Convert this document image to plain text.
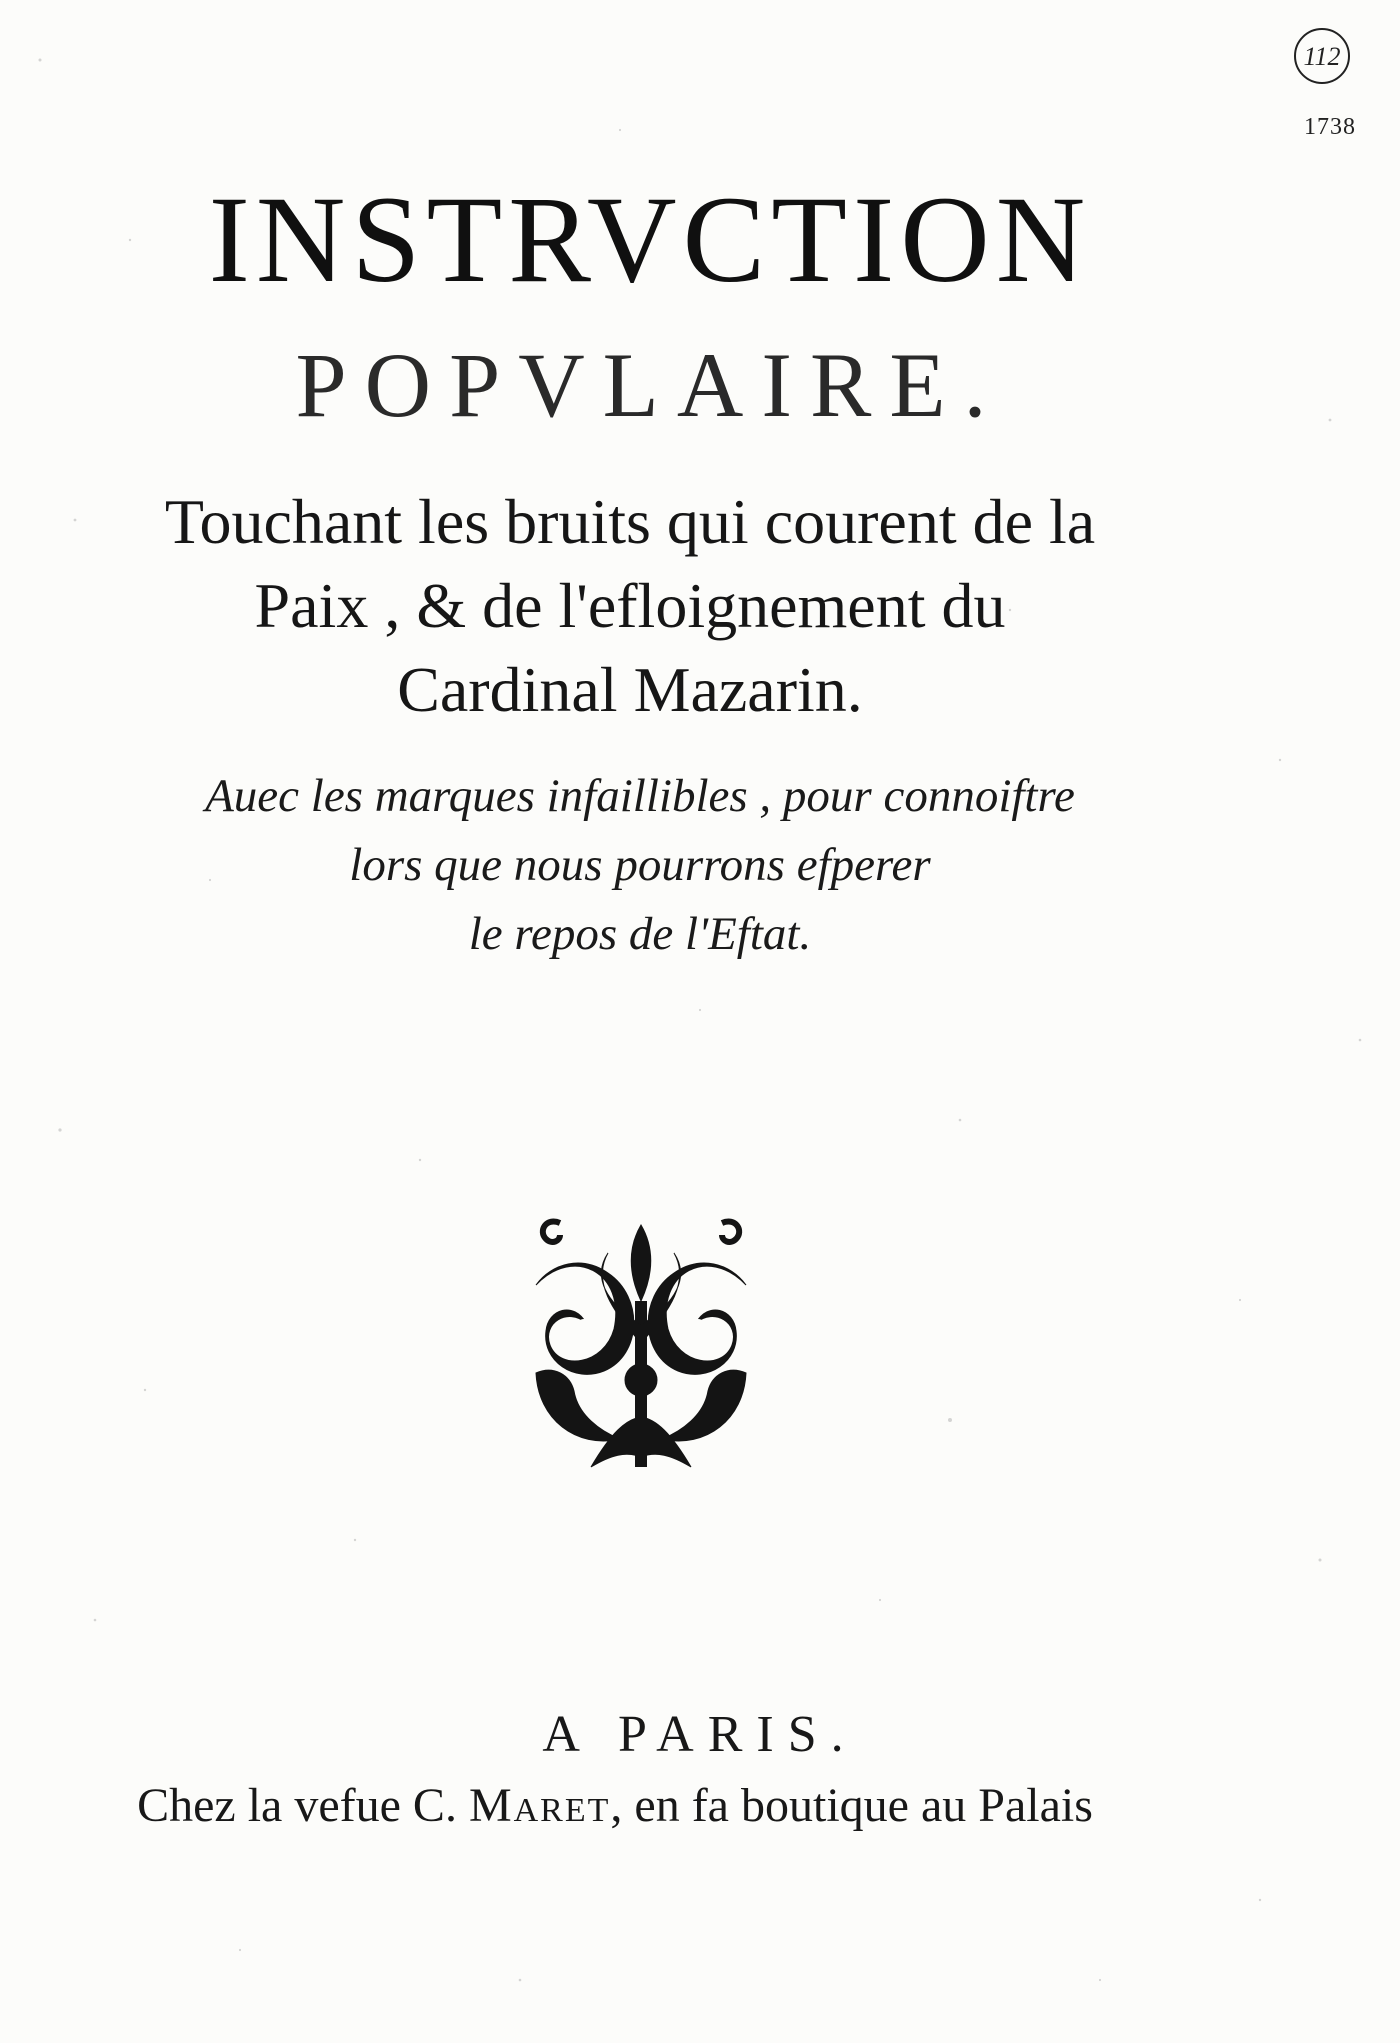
112
1738
INSTRVCTION
POPVLAIRE.
Touchant les bruits qui courent de la
Paix , & de l'efloignement du
Cardinal Mazarin.
Auec les marques infaillibles , pour connoiftre
lors que nous pourrons efperer
le repos de l'Eftat.
A PARIS.
Chez la vefue C. Maret, en fa boutique au Palais
